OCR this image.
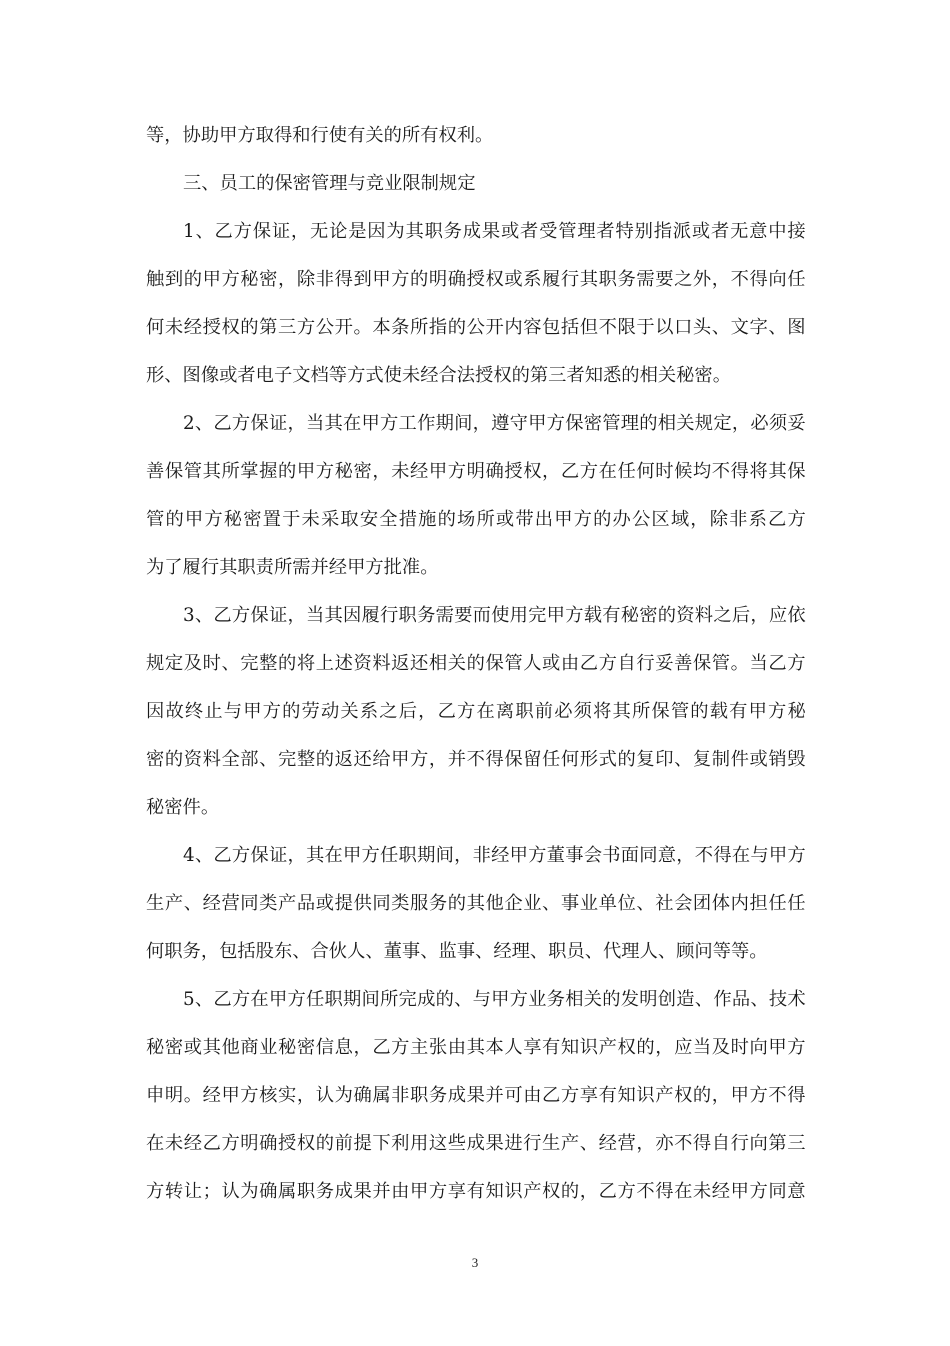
等，协助甲方取得和行使有关的所有权利。
三、员工的保密管理与竞业限制规定
1 、 乙 方 保 证 ， 无 论 是 因 为 其 职 务 成 果 或 者 受 管 理 者 特 别 指 派 或 者 无 意 中 接
触 到 的 甲 方 秘 密 ， 除 非 得 到 甲 方 的 明 确 授 权 或 系 履 行 其 职 务 需 要 之 外 ， 不 得 向 任
何 未 经 授 权 的 第 三 方 公 开 。 本 条 所 指 的 公 开 内 容 包 括 但 不 限 于 以 口 头 、 文 字 、 图
形、图像或者电子文档等方式使未经合法授权的第三者知悉的相关秘密。
2 、 乙 方 保 证 ， 当 其 在 甲 方 工 作 期 间 ， 遵 守 甲 方 保 密 管 理 的 相 关 规 定 ， 必 须 妥
善 保 管 其 所 掌 握 的 甲 方 秘 密 ， 未 经 甲 方 明 确 授 权 ， 乙 方 在 任 何 时 候 均 不 得 将 其 保
管 的 甲 方 秘 密 置 于 未 采 取 安 全 措 施 的 场 所 或 带 出 甲 方 的 办 公 区 域 ， 除 非 系 乙 方
为了履行其职责所需并经甲方批准。
3 、 乙 方 保 证 ， 当 其 因 履 行 职 务 需 要 而 使 用 完 甲 方 载 有 秘 密 的 资 料 之 后 ， 应 依
规 定 及 时 、 完 整 的 将 上 述 资 料 返 还 相 关 的 保 管 人 或 由 乙 方 自 行 妥 善 保 管 。 当 乙 方
因 故 终 止 与 甲 方 的 劳 动 关 系 之 后 ， 乙 方 在 离 职 前 必 须 将 其 所 保 管 的 载 有 甲 方 秘
密 的 资 料 全 部 、 完 整 的 返 还 给 甲 方 ， 并 不 得 保 留 任 何 形 式 的 复 印 、 复 制 件 或 销 毁
秘密件。
4 、 乙 方 保 证 ， 其 在 甲 方 任 职 期 间 ， 非 经 甲 方 董 事 会 书 面 同 意 ， 不 得 在 与 甲 方
生 产 、 经 营 同 类 产 品 或 提 供 同 类 服 务 的 其 他 企 业 、 事 业 单 位 、 社 会 团 体 内 担 任 任
何职务，包括股东、合伙人、董事、监事、经理、职员、代理人、顾问等等。
5 、 乙 方 在 甲 方 任 职 期 间 所 完 成 的 、 与 甲 方 业 务 相 关 的 发 明 创 造 、 作 品 、 技 术
秘 密 或 其 他 商 业 秘 密 信 息 ， 乙 方 主 张 由 其 本 人 享 有 知 识 产 权 的 ， 应 当 及 时 向 甲 方
申 明 。 经 甲 方 核 实 ， 认 为 确 属 非 职 务 成 果 并 可 由 乙 方 享 有 知 识 产 权 的 ， 甲 方 不 得
在 未 经 乙 方 明 确 授 权 的 前 提 下 利 用 这 些 成 果 进 行 生 产 、 经 营 ， 亦 不 得 自 行 向 第 三
方 转 让 ； 认 为 确 属 职 务 成 果 并 由 甲 方 享 有 知 识 产 权 的 ， 乙 方 不 得 在 未 经 甲 方 同 意
3
